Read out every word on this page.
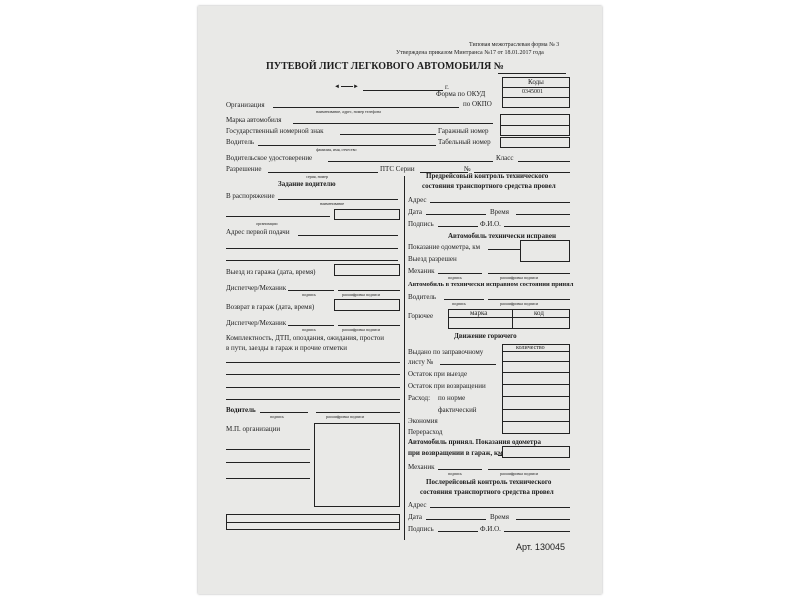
Типовая межотраслевая форма № 3
Утверждена приказом Минтранса №17 от 18.01.2017 года
ПУТЕВОЙ ЛИСТ ЛЕГКОВОГО АВТОМОБИЛЯ №
◄ ►	г.
Коды
Форма по ОКУД	0345001
по ОКПО
Организация
наименование, адрес, номер телефона
Марка автомобиля
Государственный номерной знак	Гаражный номер
Водитель
фамилия, имя, отчество
Табельный номер
Водительское удостоверение	Класс
Разрешение
серия, номер
ПТС Серии	№
Задание водителю
В распоряжение
наименование
организации
Адрес первой подачи
Выезд из гаража (дата, время)
Диспетчер/Механик
подпись	расшифровка подписи
Возврат в гараж (дата, время)
Диспетчер/Механик
подпись	расшифровка подписи
Комплектность, ДТП, опоздания, ожидания, простои
в пути, заезды в гараж и прочие отметки
Водитель
подпись	расшифровка подписи
М.П. организации
Предрейсовый контроль технического
состояния транспортного средства провел
Адрес
Дата	Время
Подпись	Ф.И.О.
Автомобиль технически исправен
Показание одометра, км
Выезд разрешен
Механик
подпись	расшифровка подписи
Автомобиль в технически исправном состоянии принял
Водитель
подпись	расшифровка подписи
Горючее	марка	код
Движение горючего
количество
Выдано по заправочному
листу №
Остаток при выезде
Остаток при возвращении
Расход: по норме
фактический
Экономия
Перерасход
Автомобиль принял. Показания одометра
при возвращении в гараж, км
Механик
подпись	расшифровка подписи
Послерейсовый контроль технического
состояния транспортного средства провел
Адрес
Дата	Время
Подпись	Ф.И.О.
Арт. 130045
